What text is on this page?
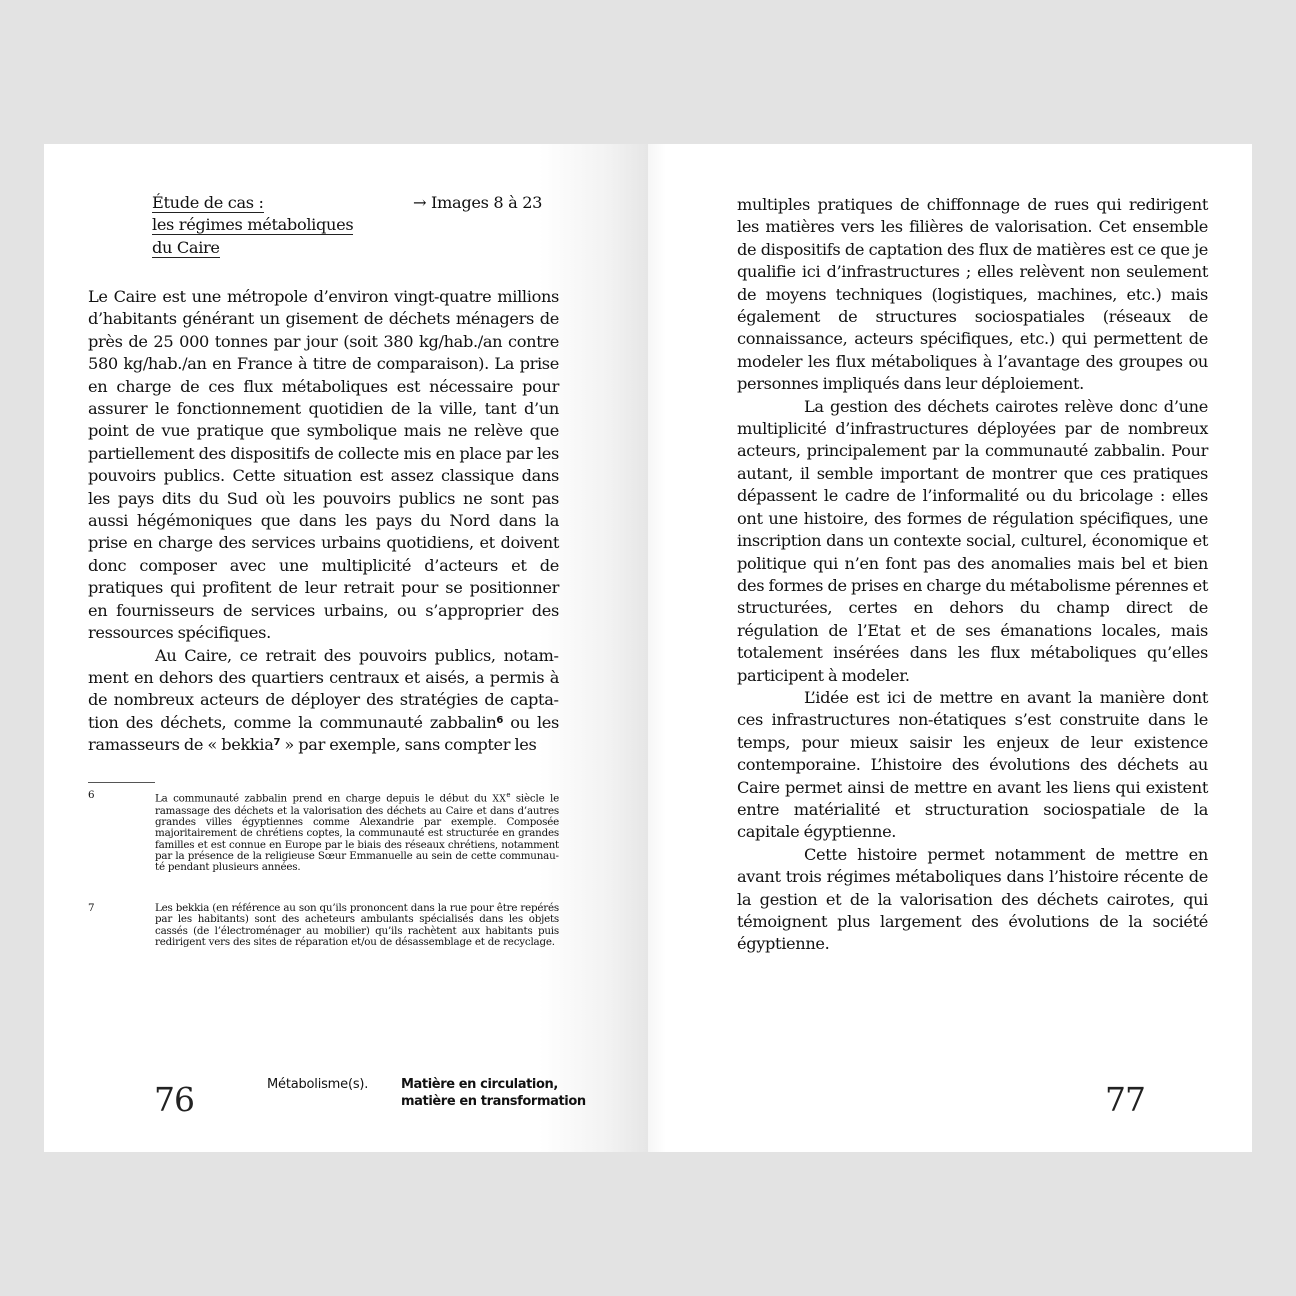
Étude de cas :
les régimes métaboliques
du Caire
→ Images 8 à 23

Le Caire est une métropole d’environ vingt-quatre millions d’habitants générant un gisement de déchets ménagers de près de 25 000 tonnes par jour (soit 380 kg/hab./an contre 580 kg/hab./an en France à titre de comparaison). La prise en charge de ces flux métaboliques est nécessaire pour assurer le fonctionnement quotidien de la ville, tant d’un point de vue pratique que symbolique mais ne relève que partiellement des dispositifs de collecte mis en place par les pouvoirs publics. Cette situation est assez classique dans les pays dits du Sud où les pouvoirs publics ne sont pas aussi hégémoniques que dans les pays du Nord dans la prise en charge des services urbains quotidiens, et doivent donc composer avec une multiplicité d’acteurs et de pratiques qui profitent de leur retrait pour se positionner en fournisseurs de services urbains, ou s’approprier des ressources spécifiques.

Au Caire, ce retrait des pouvoirs publics, notamment en dehors des quartiers centraux et aisés, a permis à de nombreux acteurs de déployer des stratégies de captation des déchets, comme la communauté zabbalin$^6$ ou les ramasseurs de « bekkia$^7$ » par exemple, sans compter les

6	La communauté zabbalin prend en charge depuis le début du XXe siècle le ramassage des déchets et la valorisation des déchets au Caire et dans d’autres grandes villes égyptiennes comme Alexandrie par exemple. Composée majoritairement de chrétiens coptes, la communauté est structurée en grandes familles et est connue en Europe par le biais des réseaux chrétiens, notamment par la présence de la religieuse Sœur Emmanuelle au sein de cette communauté pendant plusieurs années.
7	Les bekkia (en référence au son qu’ils prononcent dans la rue pour être repérés par les habitants) sont des acheteurs ambulants spécialisés dans les objets cassés (de l’électroménager au mobilier) qu’ils rachètent aux habitants puis redirigent vers des sites de réparation et/ou de désassemblage et de recyclage.
76	Métabolisme(s).	Matière en circulation,
matière en transformation

multiples pratiques de chiffonnage de rues qui redirigent les matières vers les filières de valorisation. Cet ensemble de dispositifs de captation des flux de matières est ce que je qualifie ici d’infrastructures ; elles relèvent non seulement de moyens techniques (logistiques, machines, etc.) mais également de structures sociospatiales (réseaux de connaissance, acteurs spécifiques, etc.) qui permettent de modeler les flux métaboliques à l’avantage des groupes ou personnes impliqués dans leur déploiement.

La gestion des déchets cairotes relève donc d’une multiplicité d’infrastructures déployées par de nombreux acteurs, principalement par la communauté zabbalin. Pour autant, il semble important de montrer que ces pratiques dépassent le cadre de l’informalité ou du bricolage : elles ont une histoire, des formes de régulation spécifiques, une inscription dans un contexte social, culturel, économique et politique qui n’en font pas des anomalies mais bel et bien des formes de prises en charge du métabolisme pérennes et structurées, certes en dehors du champ direct de régulation de l’Etat et de ses émanations locales, mais totalement insérées dans les flux métaboliques qu’elles participent à modeler.

L’idée est ici de mettre en avant la manière dont ces infrastructures non-étatiques s’est construite dans le temps, pour mieux saisir les enjeux de leur existence contemporaine. L’histoire des évolutions des déchets au Caire permet ainsi de mettre en avant les liens qui existent entre matérialité et structuration sociospatiale de la capitale égyptienne.

Cette histoire permet notamment de mettre en avant trois régimes métaboliques dans l’histoire récente de la gestion et de la valorisation des déchets cairotes, qui témoignent plus largement des évolutions de la société égyptienne.

77
